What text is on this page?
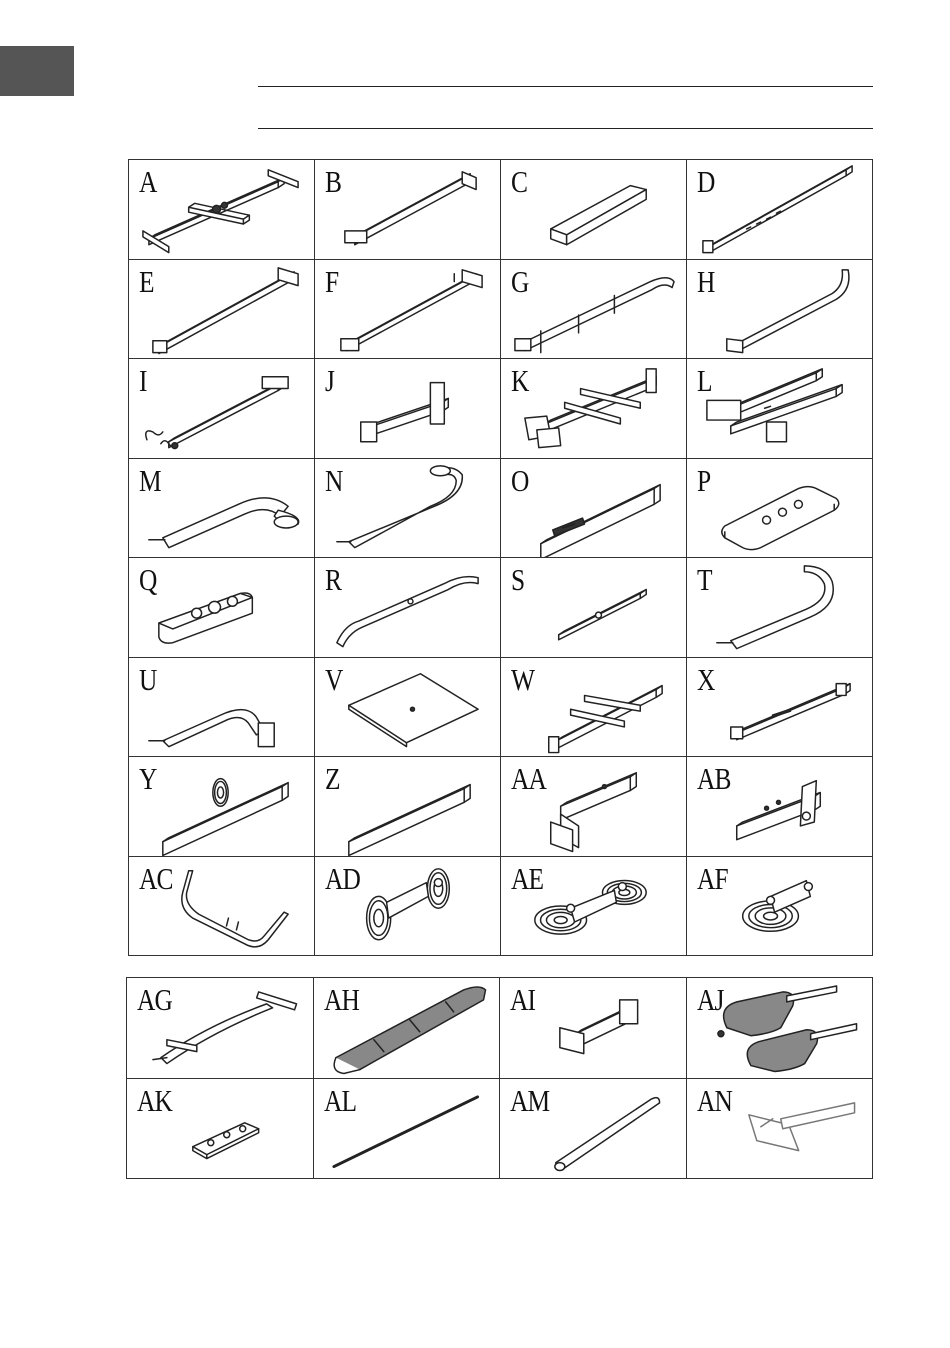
A	B	C	D

E	F	G	H

I	J	K	L

M	N	O	P

Q	R	S	T

U	V	W	X

Y	Z	AA	AB

AC	AD	AE	AF
AG	AH	AI	AJ

AK	AL	AM	AN
